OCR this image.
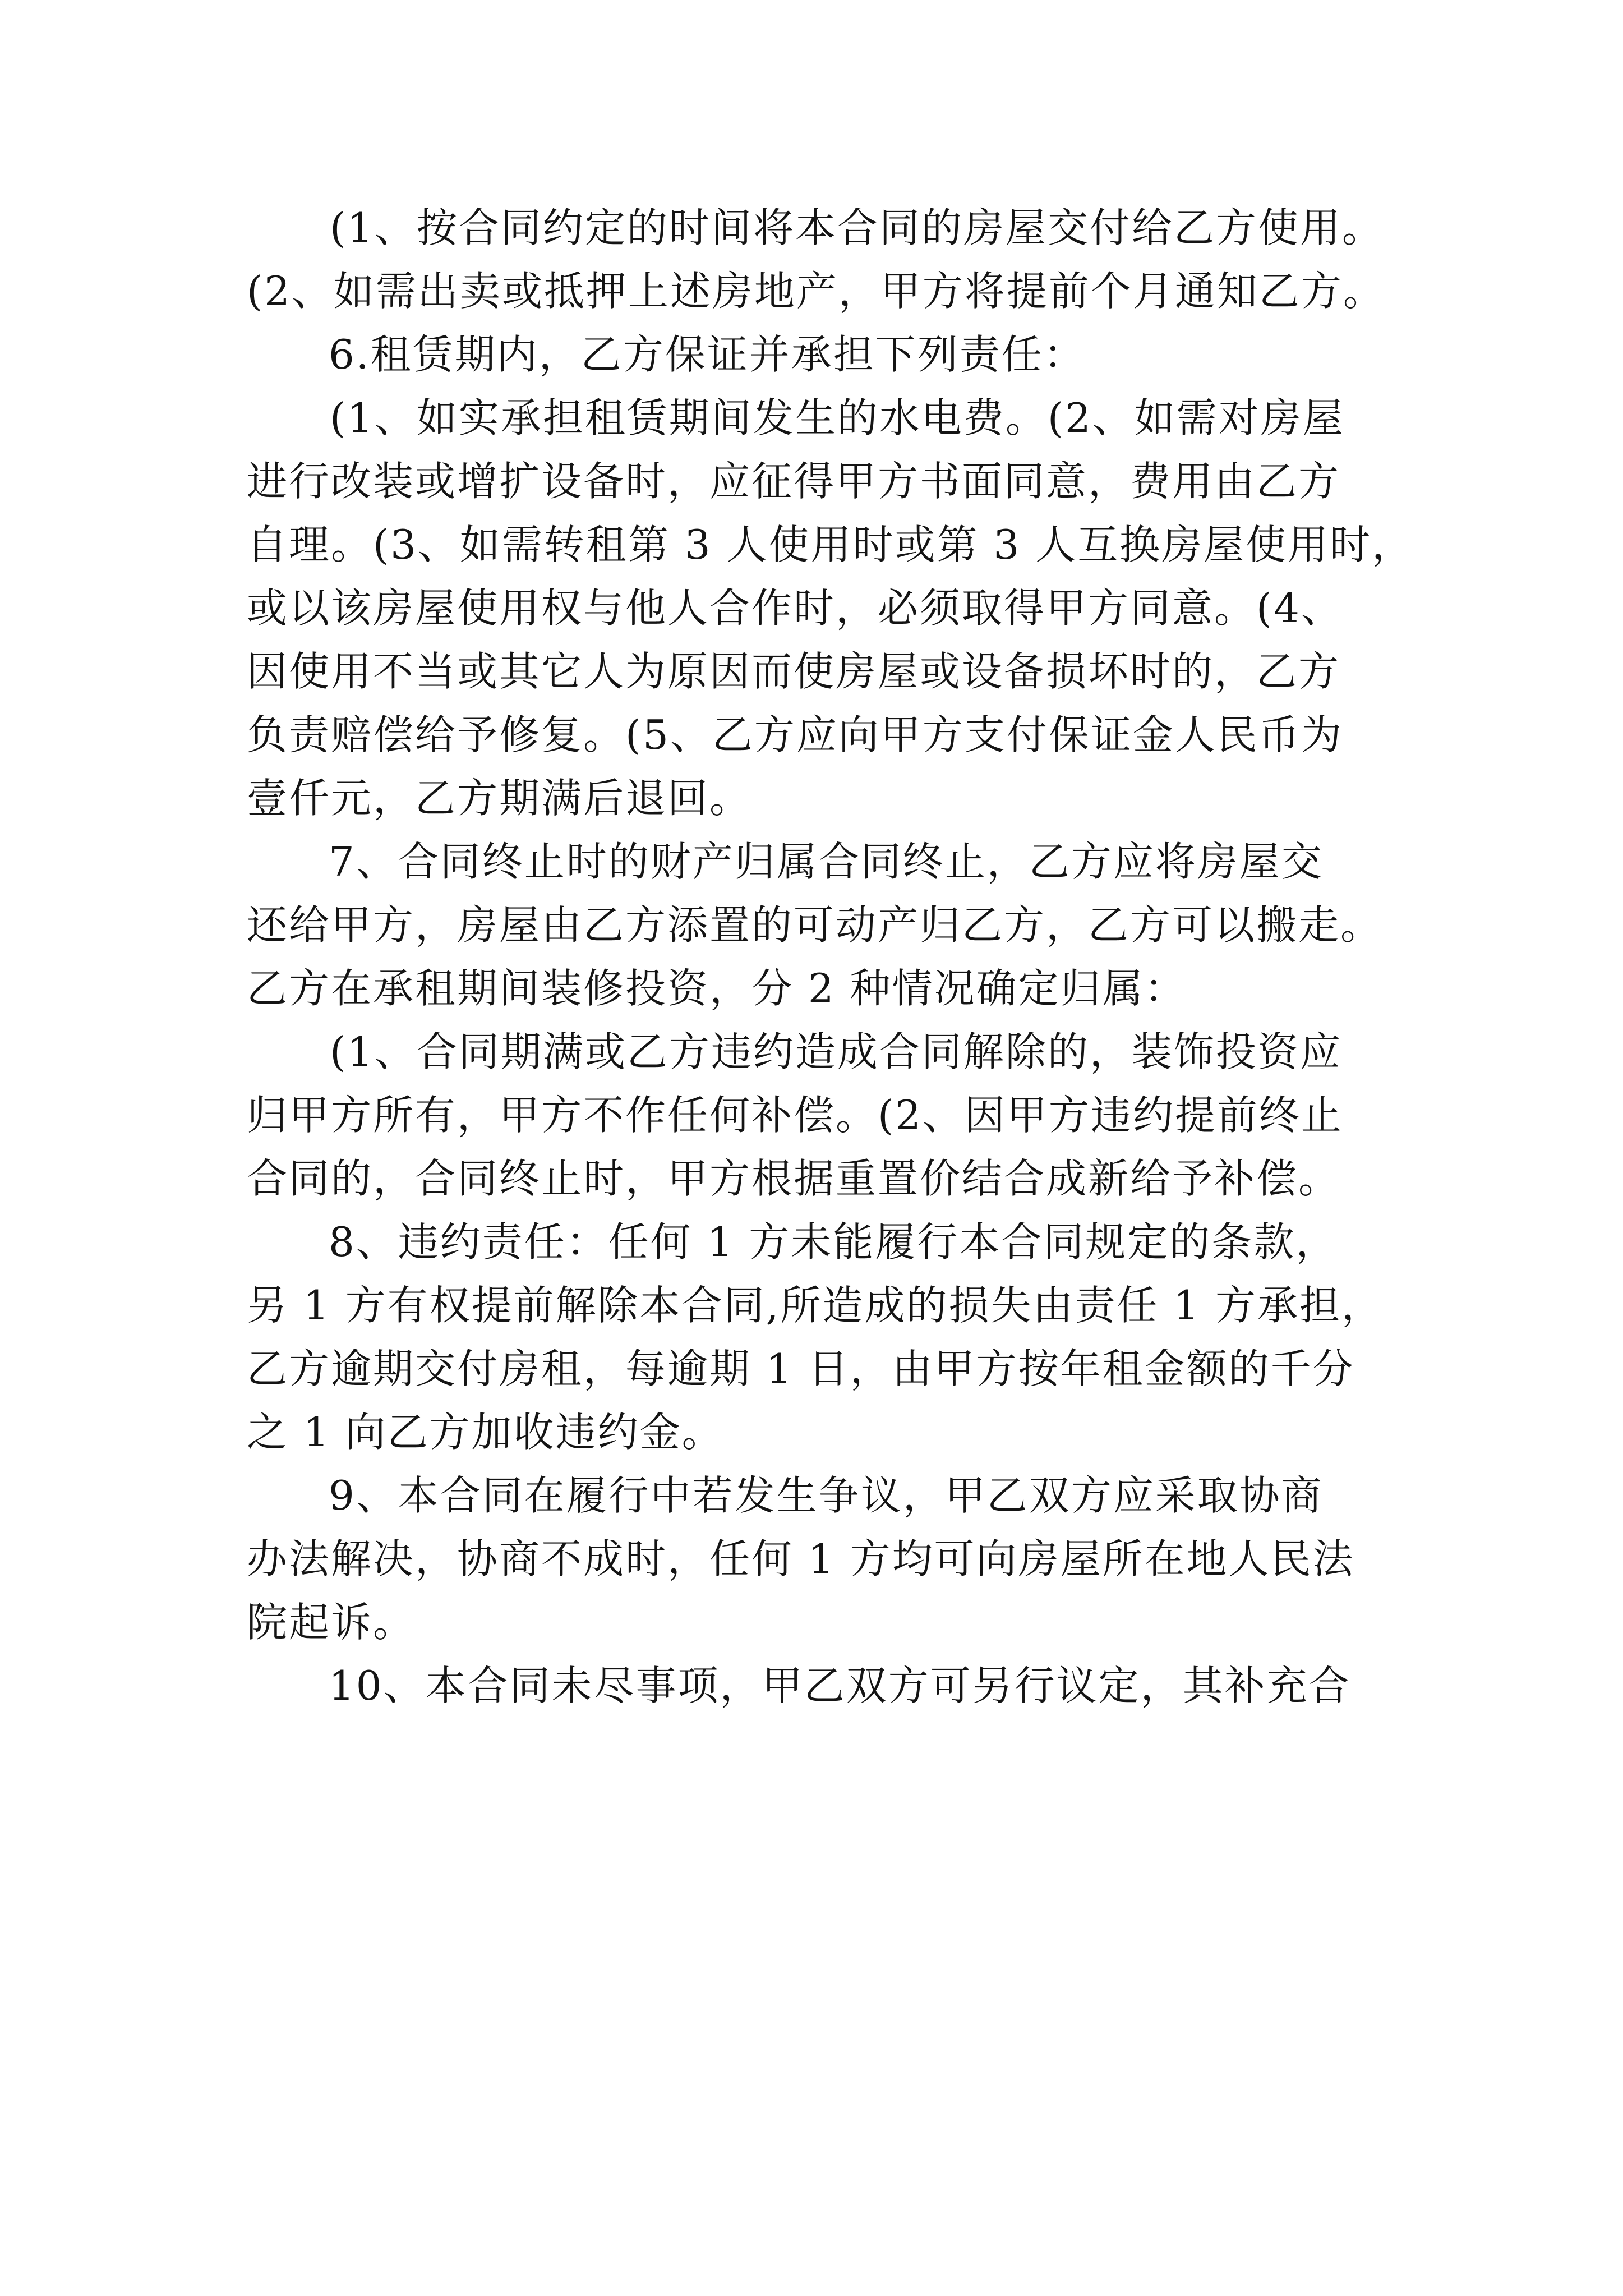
(1、按合同约定的时间将本合同的房屋交付给乙方使用。
(2、如需出卖或抵押上述房地产，甲方将提前个月通知乙方。
6.租赁期内，乙方保证并承担下列责任：
(1、如实承担租赁期间发生的水电费。(2、如需对房屋
进行改装或增扩设备时，应征得甲方书面同意，费用由乙方
自理。(3、如需转租第 3 人使用时或第 3 人互换房屋使用时，
或以该房屋使用权与他人合作时，必须取得甲方同意。(4、
因使用不当或其它人为原因而使房屋或设备损坏时的，乙方
负责赔偿给予修复。(5、乙方应向甲方支付保证金人民币为
壹仟元，乙方期满后退回。
7、合同终止时的财产归属合同终止，乙方应将房屋交
还给甲方，房屋由乙方添置的可动产归乙方，乙方可以搬走。
乙方在承租期间装修投资，分 2 种情况确定归属：
(1、合同期满或乙方违约造成合同解除的，装饰投资应
归甲方所有，甲方不作任何补偿。(2、因甲方违约提前终止
合同的，合同终止时，甲方根据重置价结合成新给予补偿。
8、违约责任：任何 1 方未能履行本合同规定的条款，
另 1 方有权提前解除本合同,所造成的损失由责任 1 方承担，
乙方逾期交付房租，每逾期 1 日，由甲方按年租金额的千分
之 1 向乙方加收违约金。
9、本合同在履行中若发生争议，甲乙双方应采取协商
办法解决，协商不成时，任何 1 方均可向房屋所在地人民法
院起诉。
10、本合同未尽事项，甲乙双方可另行议定，其补充合
